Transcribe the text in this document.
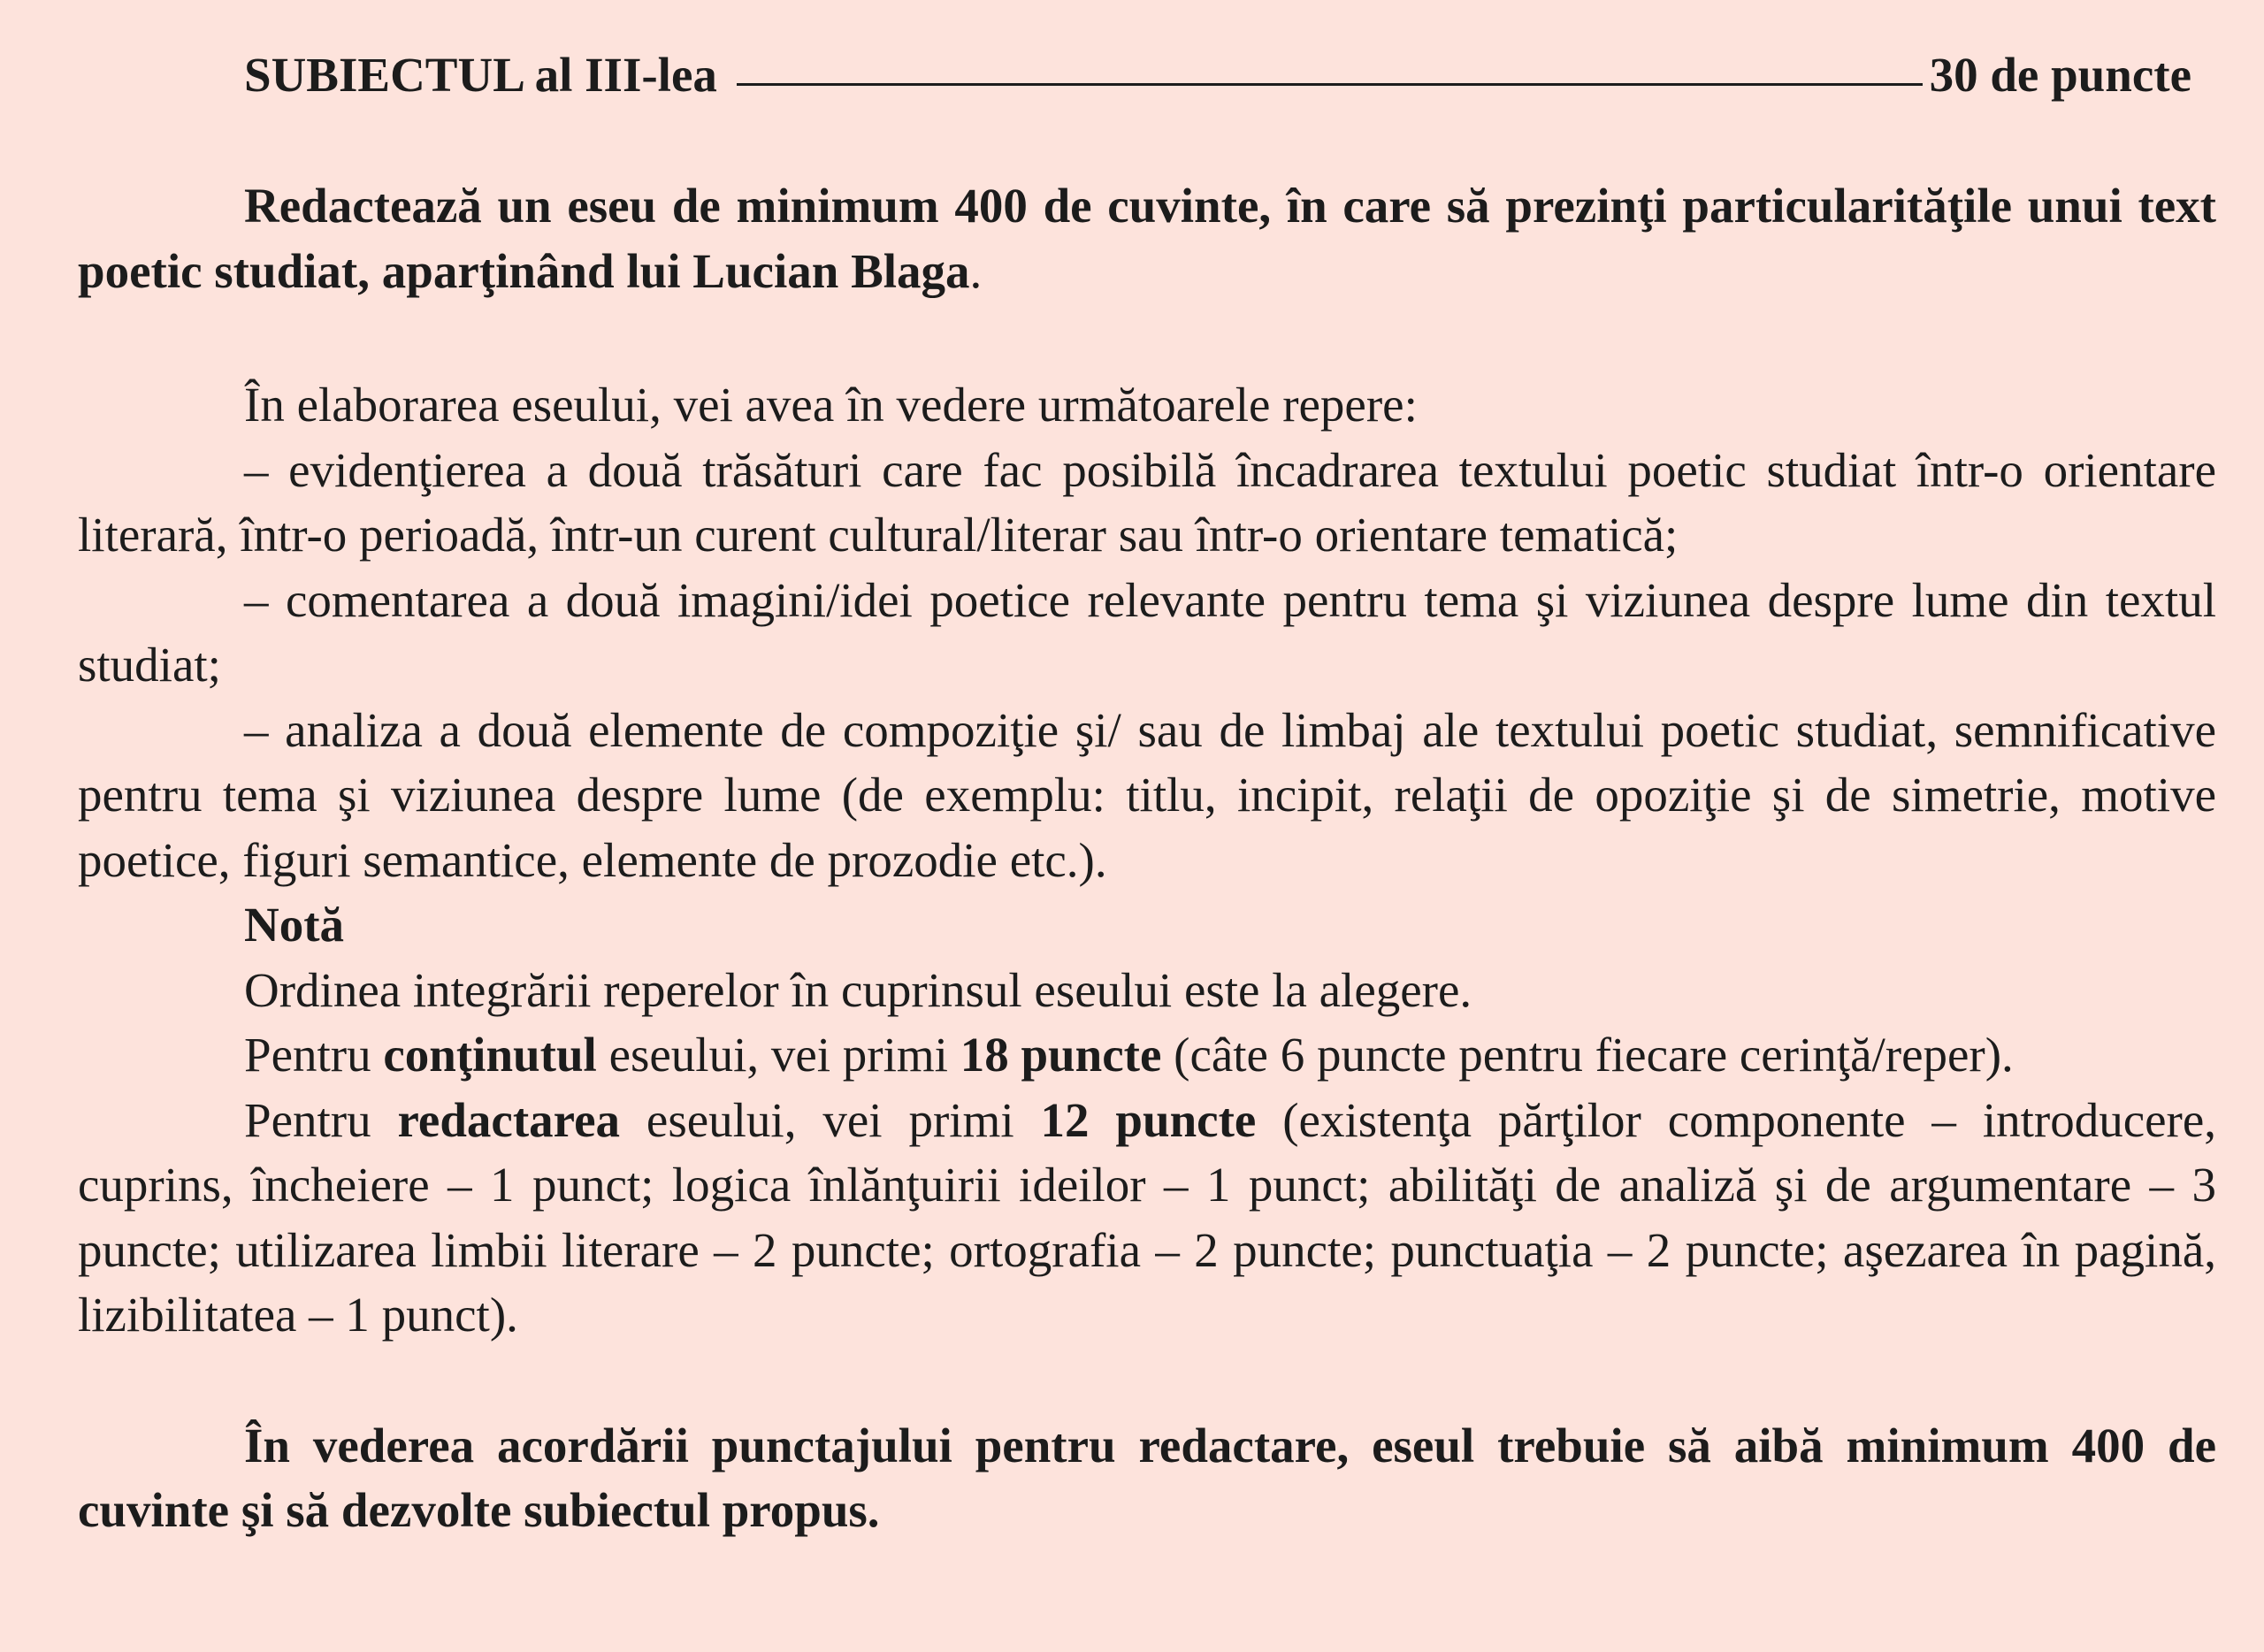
SUBIECTUL al III-lea	30 de puncte

Redactează un eseu de minimum 400 de cuvinte, în care să prezinţi particularităţile unui text poetic studiat, aparţinând lui Lucian Blaga.

În elaborarea eseului, vei avea în vedere următoarele repere:

– evidenţierea a două trăsături care fac posibilă încadrarea textului poetic studiat într-o orientare literară, într-o perioadă, într-un curent cultural/literar sau într-o orientare tematică;

– comentarea a două imagini/idei poetice relevante pentru tema şi viziunea despre lume din textul studiat;

– analiza a două elemente de compoziţie şi/ sau de limbaj ale textului poetic studiat, semnificative pentru tema şi viziunea despre lume (de exemplu: titlu, incipit, relaţii de opoziţie şi de simetrie, motive poetice, figuri semantice, elemente de prozodie etc.).

Notă

Ordinea integrării reperelor în cuprinsul eseului este la alegere.

Pentru conţinutul eseului, vei primi 18 puncte (câte 6 puncte pentru fiecare cerinţă/reper).

Pentru redactarea eseului, vei primi 12 puncte (existenţa părţilor componente – introducere, cuprins, încheiere – 1 punct; logica înlănţuirii ideilor – 1 punct; abilităţi de analiză şi de argumentare – 3 puncte; utilizarea limbii literare – 2 puncte; ortografia – 2 puncte; punctuaţia – 2 puncte; aşezarea în pagină, lizibilitatea – 1 punct).

În vederea acordării punctajului pentru redactare, eseul trebuie să aibă minimum 400 de cuvinte şi să dezvolte subiectul propus.
